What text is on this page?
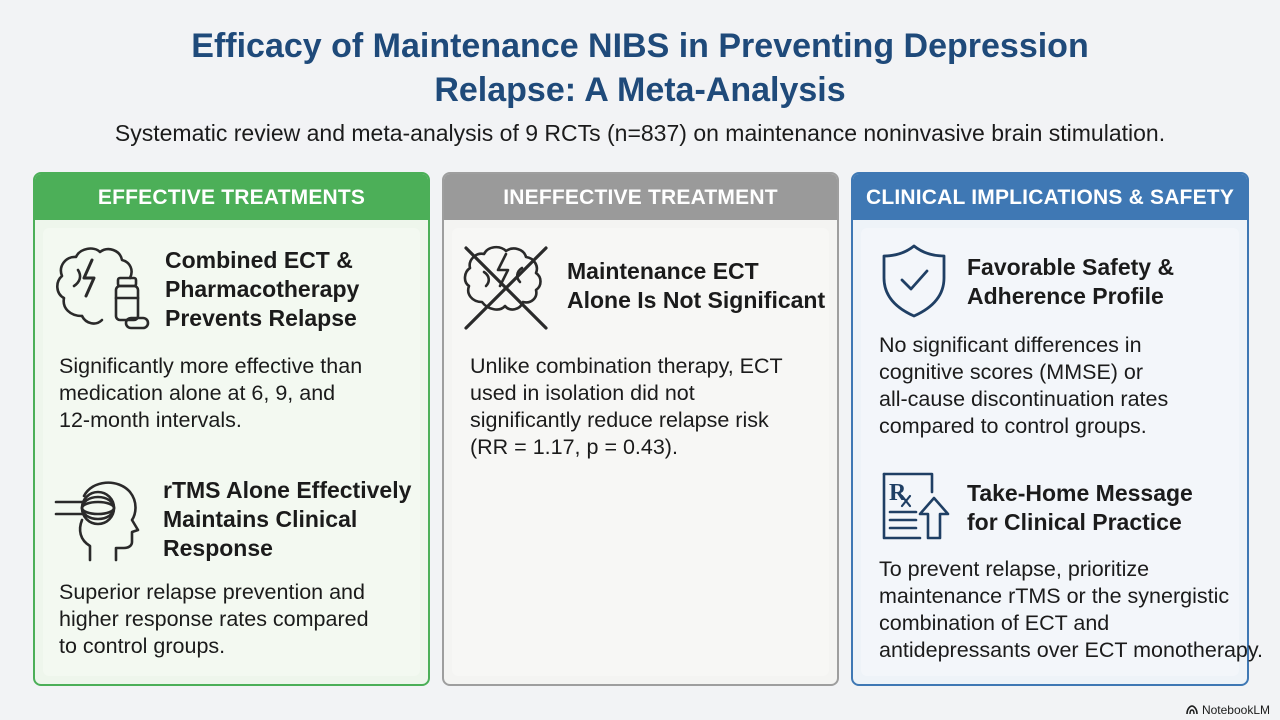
Efficacy of Maintenance NIBS in Preventing Depression
Relapse: A Meta-Analysis
Systematic review and meta-analysis of 9 RCTs (n=837) on maintenance noninvasive brain stimulation.
EFFECTIVE TREATMENTS
Combined ECT &
Pharmacotherapy
Prevents Relapse
Significantly more effective than
medication alone at 6, 9, and
12-month intervals.
rTMS Alone Effectively
Maintains Clinical
Response
Superior relapse prevention and
higher response rates compared
to control groups.
INEFFECTIVE TREATMENT
Maintenance ECT
Alone Is Not Significant
Unlike combination therapy, ECT
used in isolation did not
significantly reduce relapse risk
(RR = 1.17, p = 0.43).
CLINICAL IMPLICATIONS & SAFETY
Favorable Safety &
Adherence Profile
No significant differences in
cognitive scores (MMSE) or
all-cause discontinuation rates
compared to control groups.
R	Take-Home Message
for Clinical Practice
To prevent relapse, prioritize
maintenance rTMS or the synergistic
combination of ECT and
antidepressants over ECT monotherapy.
NotebookLM
